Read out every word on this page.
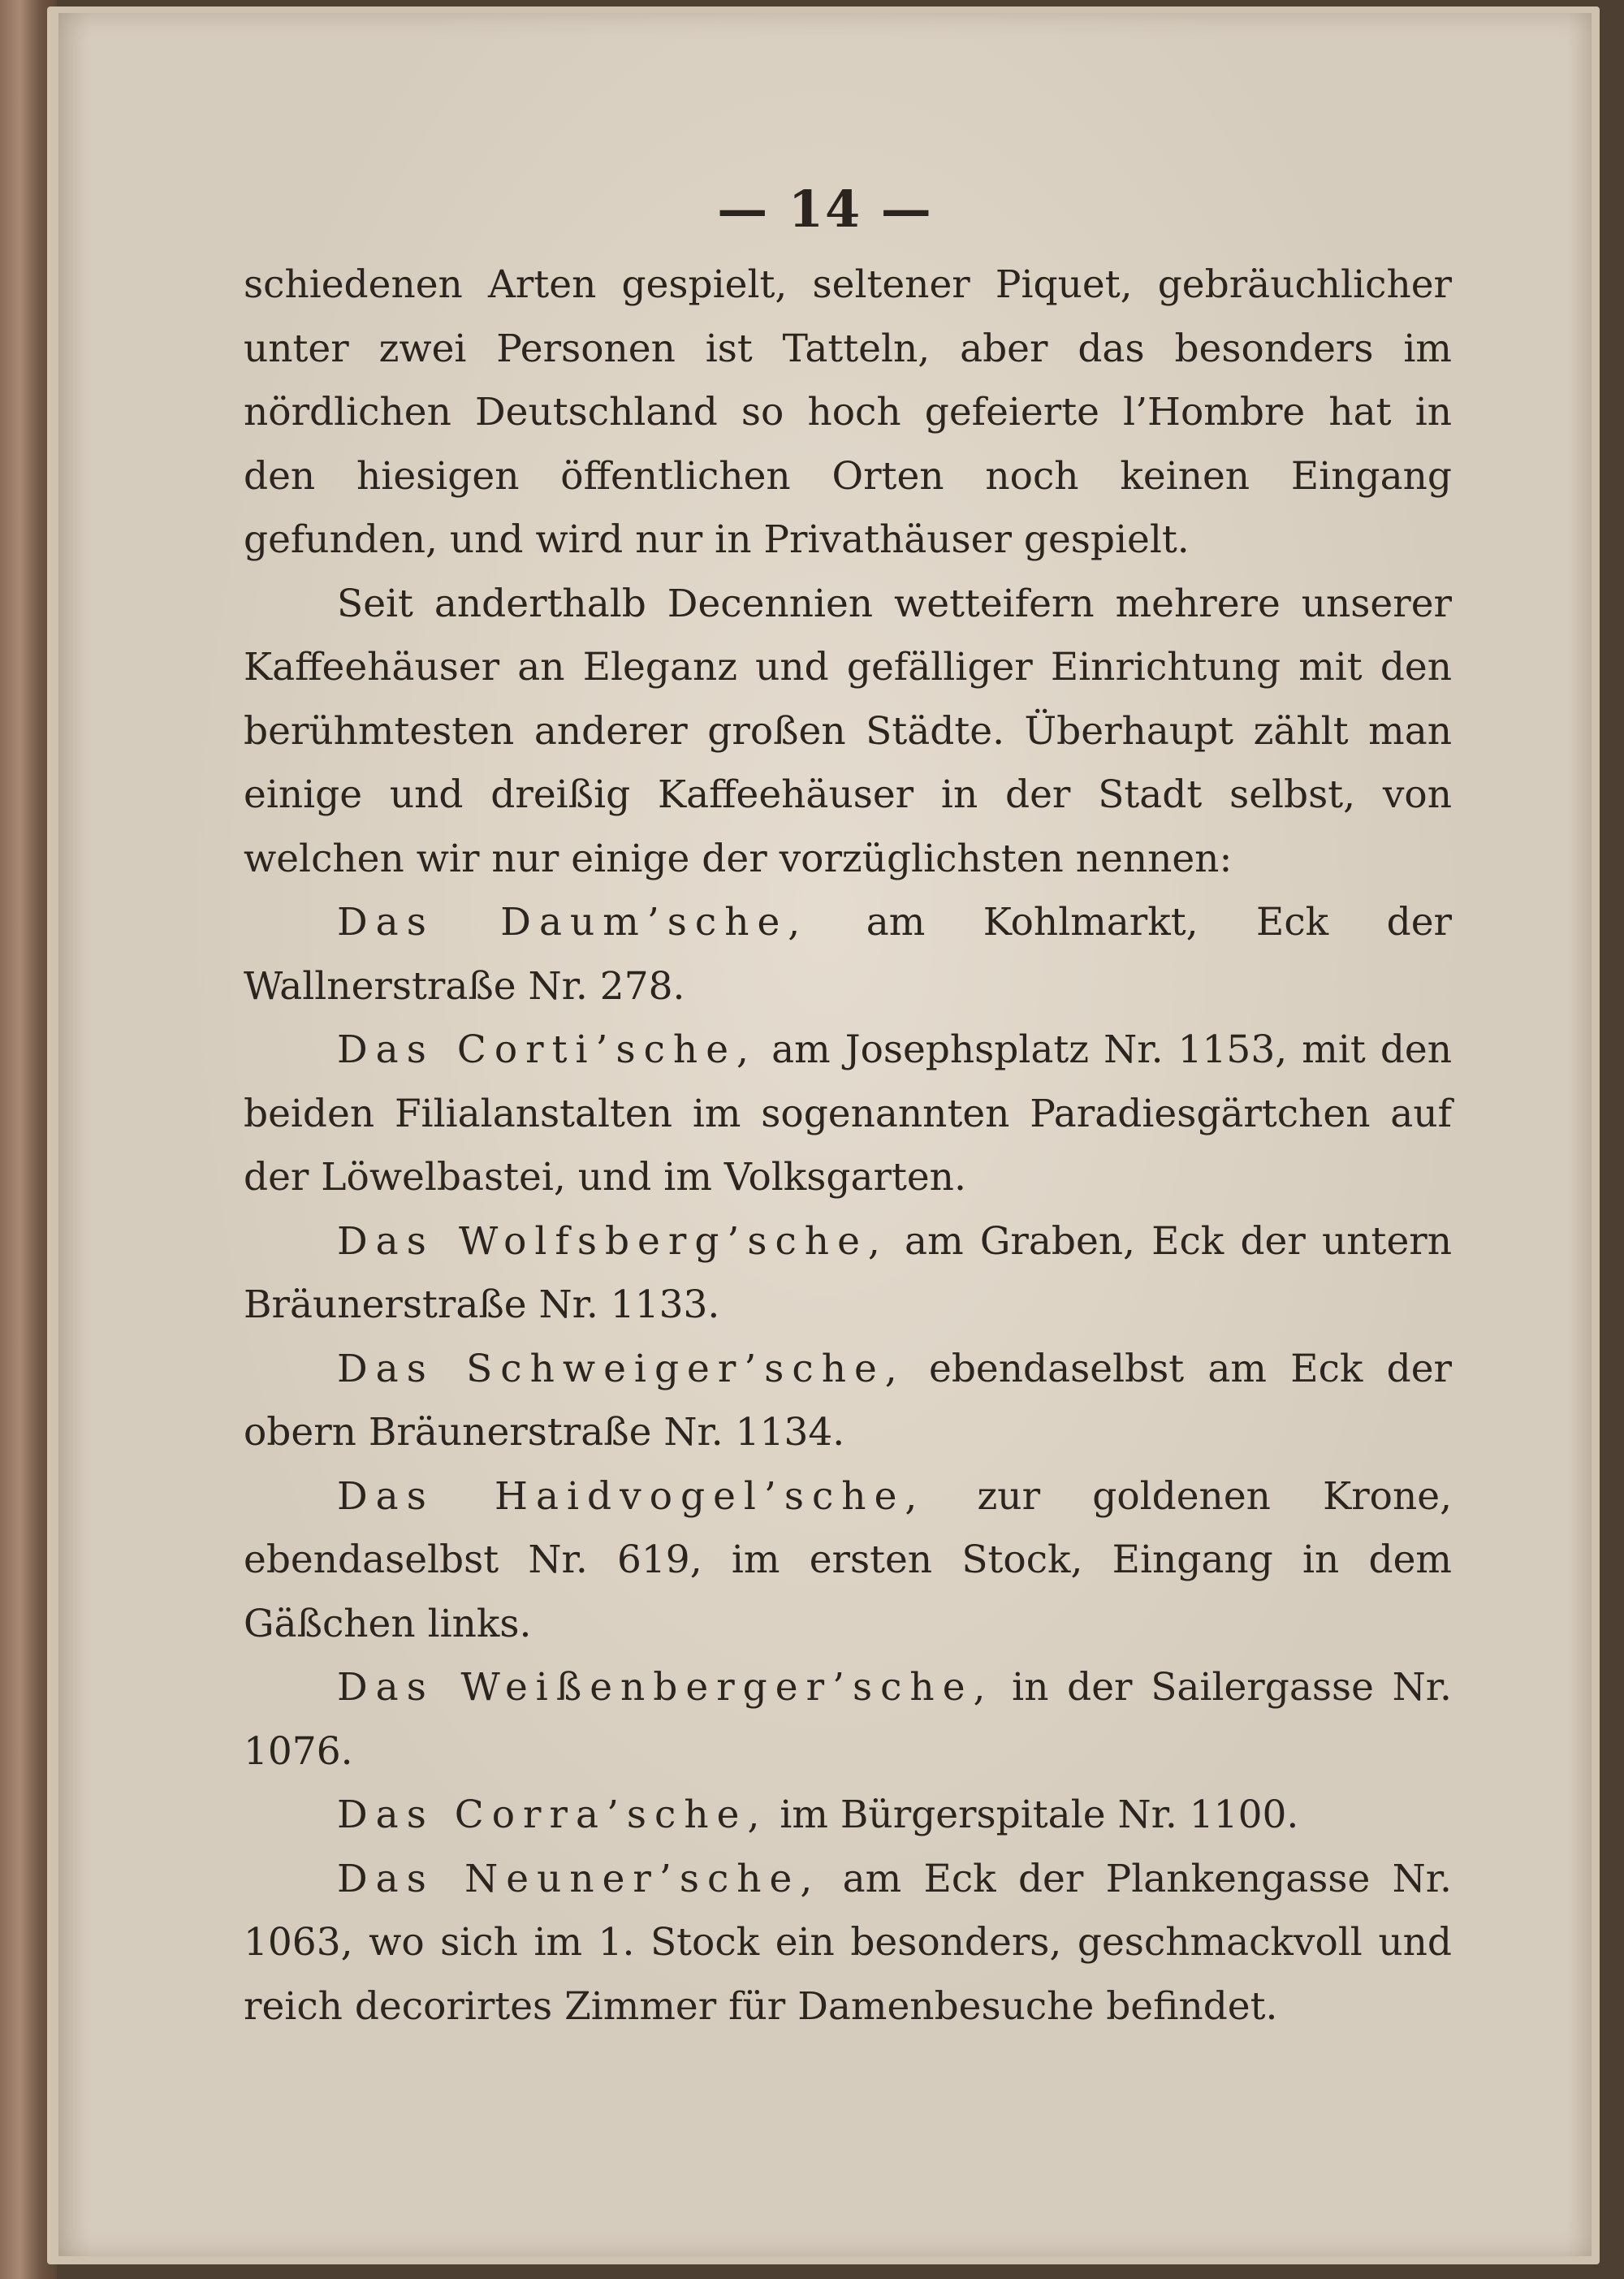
— 14 —

schiedenen Arten gespielt, seltener Piquet, gebräuchlicher unter zwei Personen ist Tatteln, aber das besonders im nördlichen Deutschland so hoch gefeierte l’Hombre hat in den hiesigen öffentlichen Orten noch keinen Eingang gefunden, und wird nur in Privathäuser gespielt.

Seit anderthalb Decennien wetteifern mehrere unserer Kaffeehäuser an Eleganz und gefälliger Einrichtung mit den berühmtesten anderer großen Städte. Überhaupt zählt man einige und dreißig Kaffeehäuser in der Stadt selbst, von welchen wir nur einige der vorzüglichsten nennen:

Das Daum’sche, am Kohlmarkt, Eck der Wallnerstraße Nr. 278.

Das Corti’sche, am Josephsplatz Nr. 1153, mit den beiden Filialanstalten im sogenannten Paradiesgärtchen auf der Löwelbastei, und im Volksgarten.

Das Wolfsberg’sche, am Graben, Eck der untern Bräunerstraße Nr. 1133.

Das Schweiger’sche, ebendaselbst am Eck der obern Bräunerstraße Nr. 1134.

Das Haidvogel’sche, zur goldenen Krone, ebendaselbst Nr. 619, im ersten Stock, Eingang in dem Gäßchen links.

Das Weißenberger’sche, in der Sailergasse Nr. 1076.

Das Corra’sche, im Bürgerspitale Nr. 1100.

Das Neuner’sche, am Eck der Plankengasse Nr. 1063, wo sich im 1. Stock ein besonders, geschmackvoll und reich decorirtes Zimmer für Damenbesuche befindet.
